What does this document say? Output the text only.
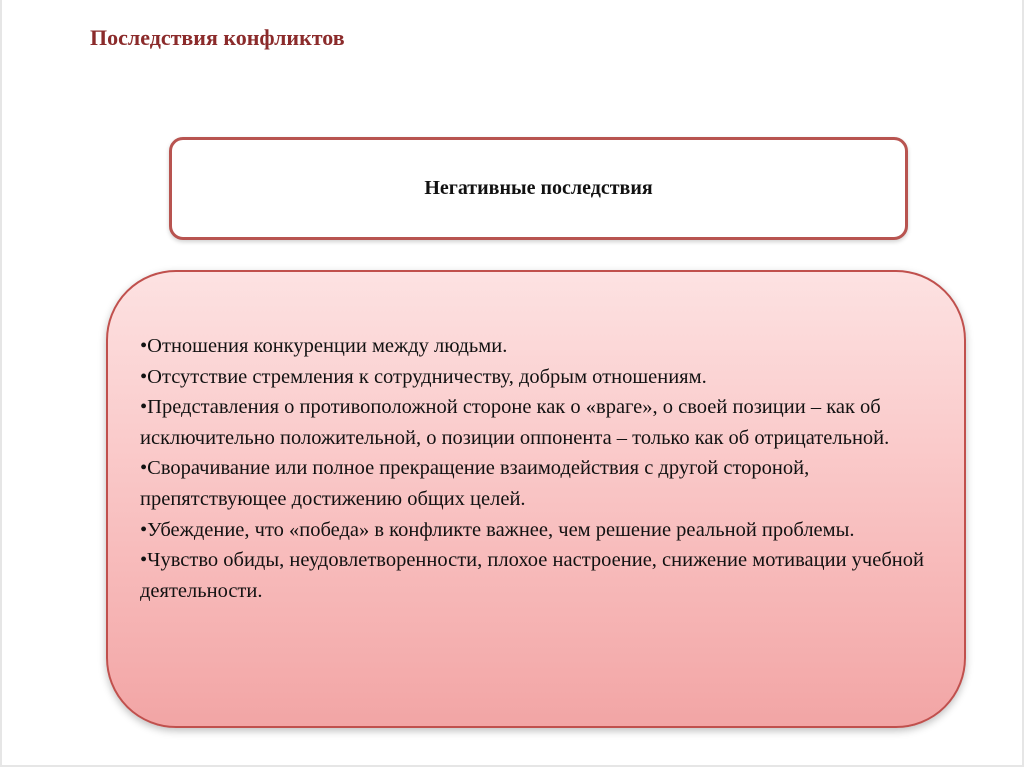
Последствия конфликтов
Негативные последствия
•Отношения конкуренции между людьми.
•Отсутствие стремления к сотрудничеству, добрым отношениям.
•Представления о противоположной стороне как о «враге», о своей позиции – как об исключительно положительной, о позиции оппонента – только как об отрицательной.
•Сворачивание или полное прекращение взаимодействия с другой стороной, препятствующее достижению общих целей.
•Убеждение, что «победа» в конфликте важнее, чем решение реальной проблемы.
•Чувство обиды, неудовлетворенности, плохое настроение, снижение мотивации учебной деятельности.
